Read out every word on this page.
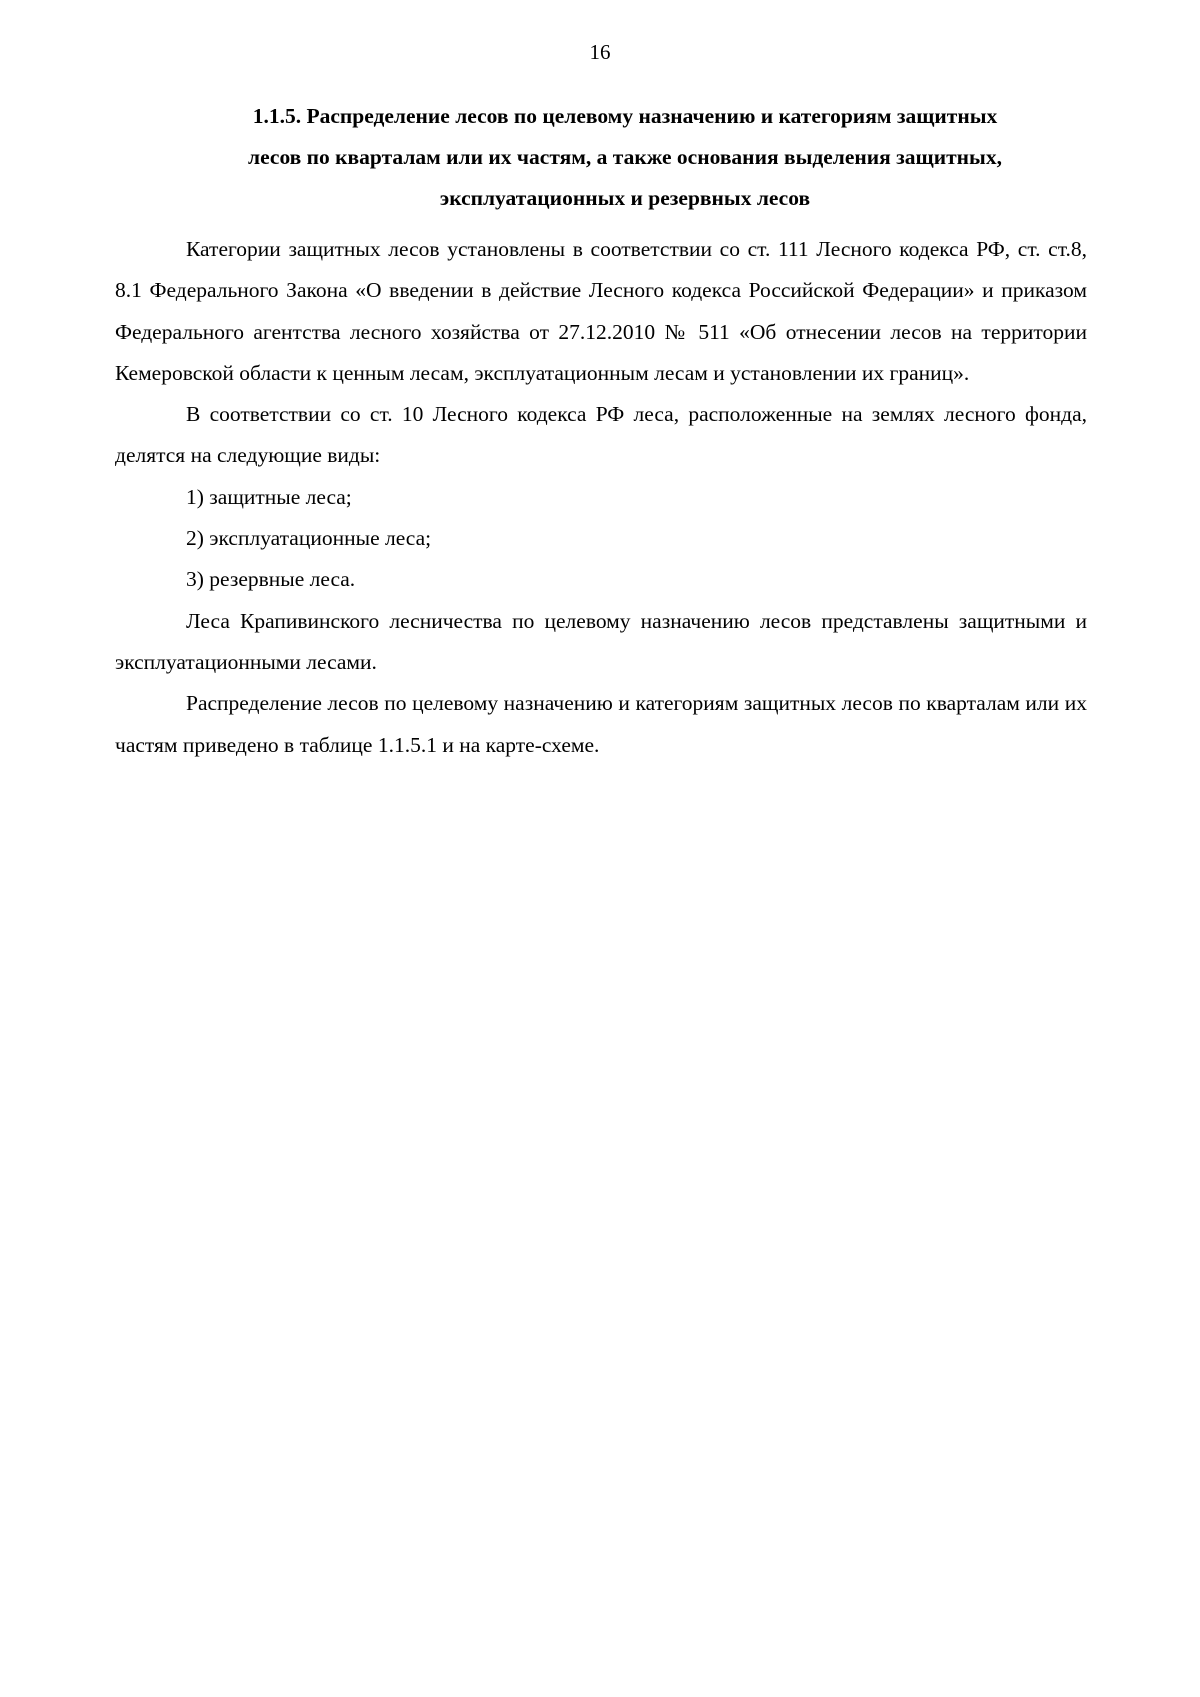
16
1.1.5. Распределение лесов по целевому назначению и категориям защитных
лесов по кварталам или их частям, а также основания выделения защитных,
эксплуатационных и резервных лесов

Категории защитных лесов установлены в соответствии со ст. 111 Лесного кодекса РФ, ст. ст.8, 8.1 Федерального Закона «О введении в действие Лесного кодекса Российской Федерации» и приказом Федерального агентства лесного хозяйства от 27.12.2010 № 511 «Об отнесении лесов на территории Кемеровской области к ценным лесам, эксплуатационным лесам и установлении их границ».

В соответствии со ст. 10 Лесного кодекса РФ леса, расположенные на землях лесного фонда, делятся на следующие виды:

1) защитные леса;

2) эксплуатационные леса;

3) резервные леса.

Леса Крапивинского лесничества по целевому назначению лесов представлены защитными и эксплуатационными лесами.

Распределение лесов по целевому назначению и категориям защитных лесов по кварталам или их частям приведено в таблице 1.1.5.1 и на карте-схеме.
